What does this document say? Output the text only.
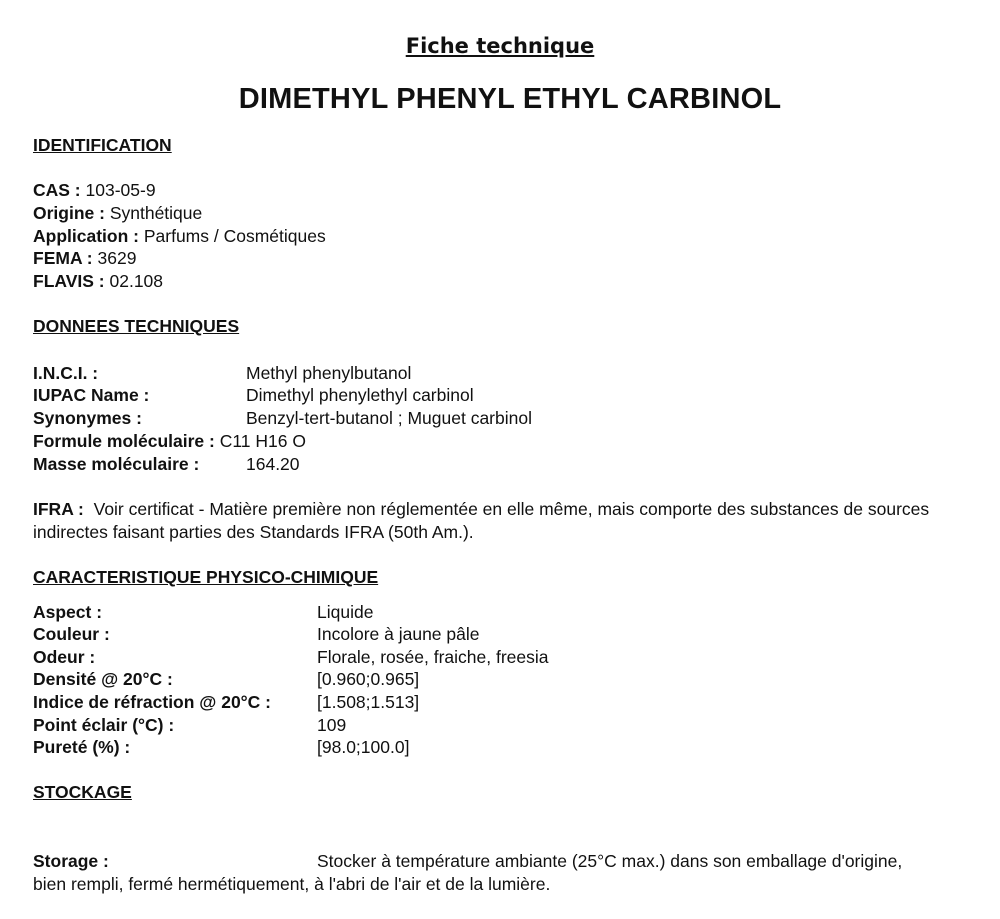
Fiche technique
DIMETHYL PHENYL ETHYL CARBINOL
IDENTIFICATION
CAS : 103-05-9
Origine : Synthétique
Application : Parfums / Cosmétiques
FEMA : 3629
FLAVIS : 02.108
DONNEES TECHNIQUES
I.N.C.I. :	Methyl phenylbutanol
IUPAC Name :	Dimethyl phenylethyl carbinol
Synonymes :	Benzyl-tert-butanol ; Muguet carbinol
Formule moléculaire : C11 H16 O
Masse moléculaire :	164.20
IFRA : Voir certificat - Matière première non réglementée en elle même, mais comporte des substances de sources indirectes faisant parties des Standards IFRA (50th Am.).
CARACTERISTIQUE PHYSICO-CHIMIQUE
Aspect :	Liquide
Couleur :	Incolore à jaune pâle
Odeur :	Florale, rosée, fraiche, freesia
Densité @ 20°C :	[0.960;0.965]
Indice de réfraction @ 20°C :	[1.508;1.513]
Point éclair (°C) :	109
Pureté (%) :	[98.0;100.0]
STOCKAGE
Storage :	Stocker à température ambiante (25°C max.) dans son emballage d'origine,
bien rempli, fermé hermétiquement, à l'abri de l'air et de la lumière.
